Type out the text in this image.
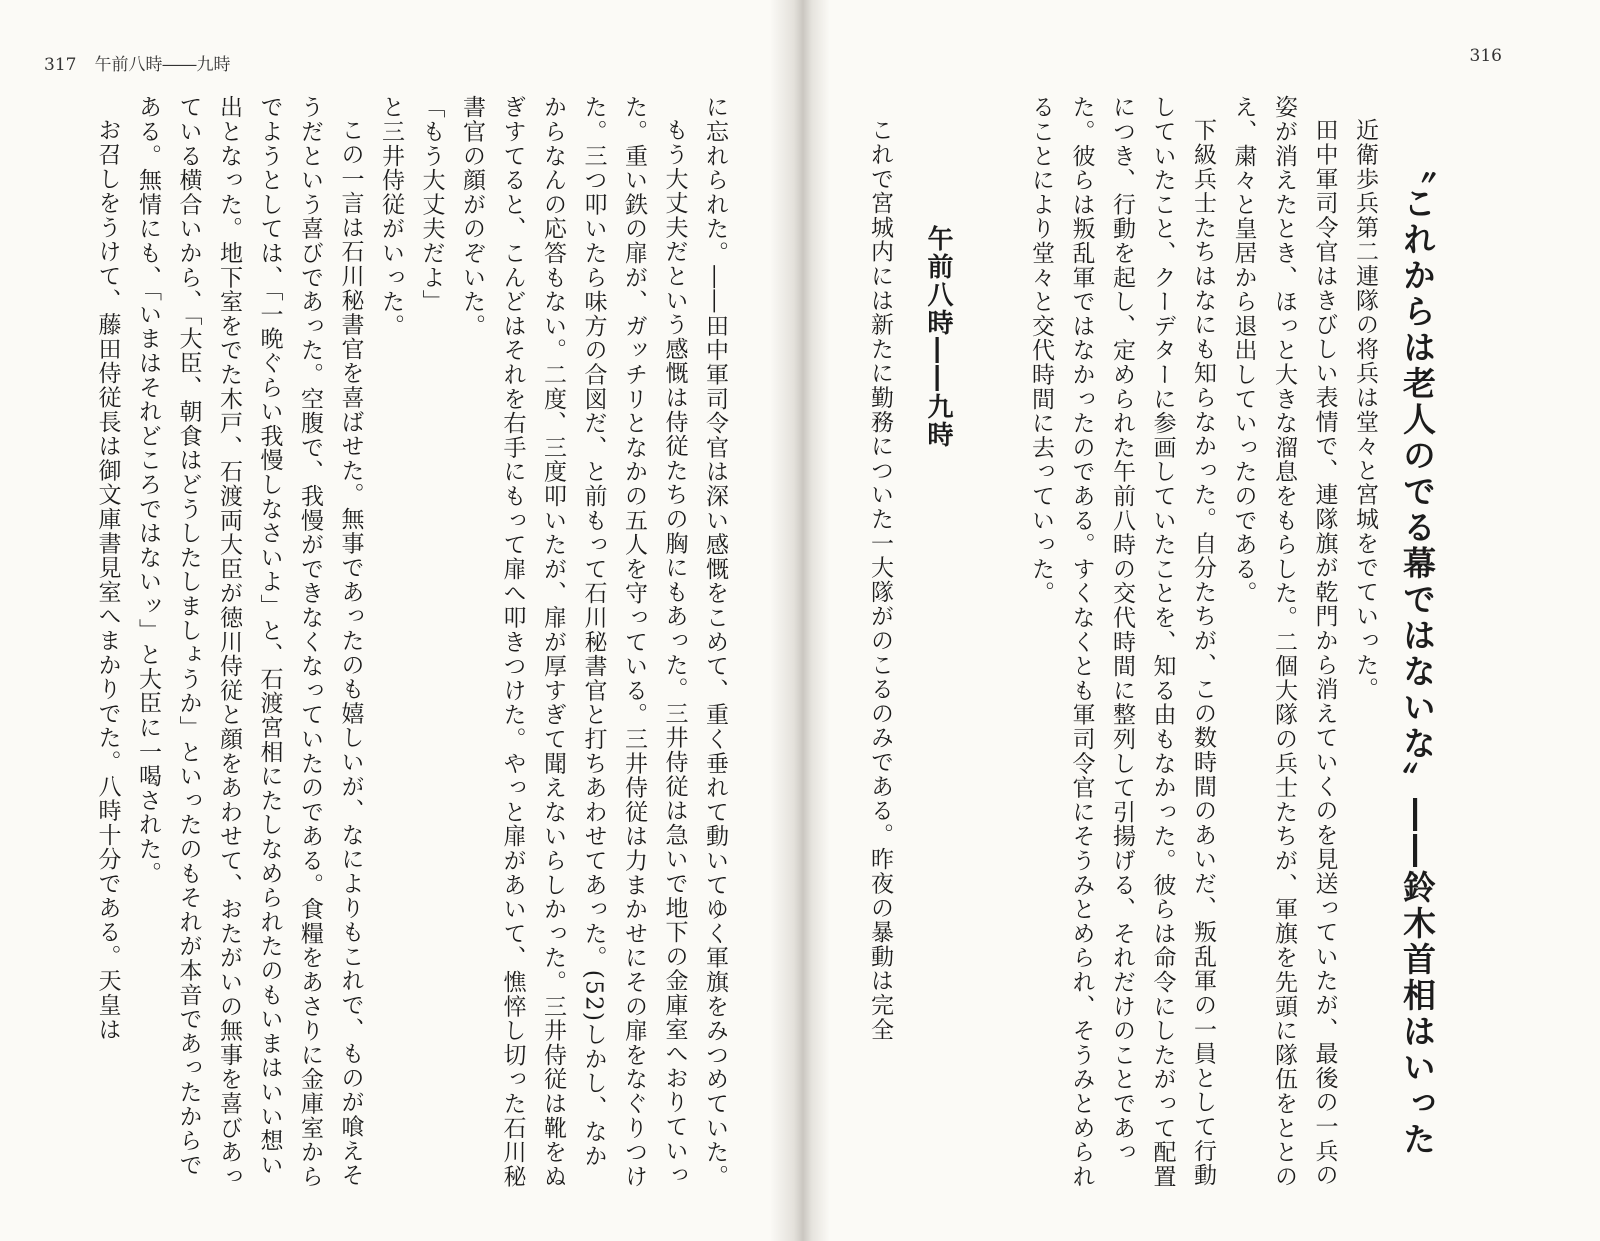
317 午前八時――九時

に忘れられた。――田中軍司令官は深い感慨をこめて、重く垂れて動いてゆく軍旗をみつめていた。

もう大丈夫だという感慨は侍従たちの胸にもあった。三井侍従は急いで地下の金庫室へおりていった。重い鉄の扉が、ガッチリとなかの五人を守っている。三井侍従は力まかせにその扉をなぐりつけた。三つ叩いたら味方の合図だ、と前もって石川秘書官と打ちあわせてあった。(52)しかし、なかからなんの応答もない。二度、三度叩いたが、扉が厚すぎて聞えないらしかった。三井侍従は靴をぬぎすてると、こんどはそれを右手にもって扉へ叩きつけた。やっと扉があいて、憔悴し切った石川秘書官の顔がのぞいた。

「もう大丈夫だよ」

と三井侍従がいった。

この一言は石川秘書官を喜ばせた。無事であったのも嬉しいが、なによりもこれで、ものが喰えそうだという喜びであった。空腹で、我慢ができなくなっていたのである。食糧をあさりに金庫室からでようとしては、「一晩ぐらい我慢しなさいよ」と、石渡宮相にたしなめられたのもいまはいい想い出となった。地下室をでた木戸、石渡両大臣が徳川侍従と顔をあわせて、おたがいの無事を喜びあっている横合いから、「大臣、朝食はどうしたしましょうか」といったのもそれが本音であったからである。無情にも、「いまはそれどころではないッ」と大臣に一喝された。

お召しをうけて、藤田侍従長は御文庫書見室へまかりでた。八時十分である。天皇は

316
〝これからは老人のでる幕ではないな〟――鈴木首相はいった

近衛歩兵第二連隊の将兵は堂々と宮城をでていった。

田中軍司令官はきびしい表情で、連隊旗が乾門から消えていくのを見送っていたが、最後の一兵の姿が消えたとき、ほっと大きな溜息をもらした。二個大隊の兵士たちが、軍旗を先頭に隊伍をととのえ、粛々と皇居から退出していったのである。

下級兵士たちはなにも知らなかった。自分たちが、この数時間のあいだ、叛乱軍の一員として行動していたこと、クーデターに参画していたことを、知る由もなかった。彼らは命令にしたがって配置につき、行動を起し、定められた午前八時の交代時間に整列して引揚げる、それだけのことであった。彼らは叛乱軍ではなかったのである。すくなくとも軍司令官にそうみとめられ、そうみとめられることにより堂々と交代時間に去っていった。

午前八時――九時

これで宮城内には新たに勤務についた一大隊がのこるのみである。昨夜の暴動は完全
